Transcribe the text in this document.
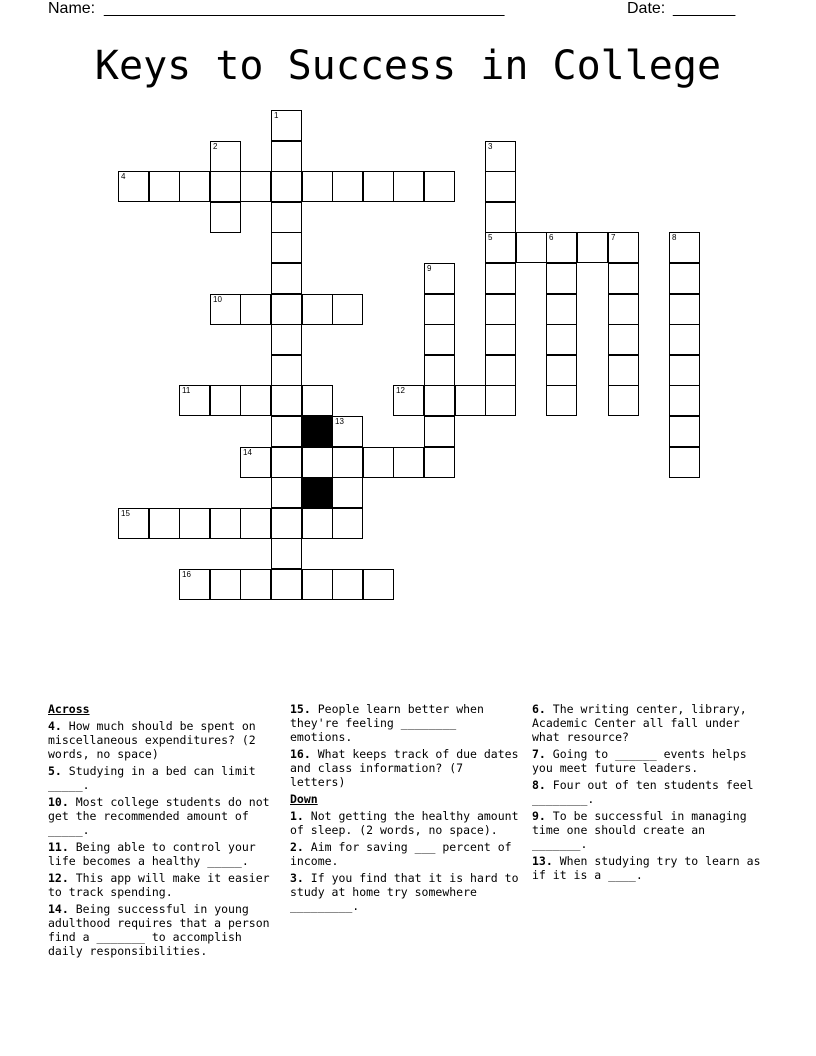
Name: _____________________________________________	Date: _______
Keys to Success in College
1
2	3
5
4
6	7	8
9
10
11	12
13
14
15
16
Across
4. How much should be spent on miscellaneous expenditures? (2 words, no space)
5. Studying in a bed can limit _____.
10. Most college students do not get the recommended amount of _____.
11. Being able to control your life becomes a healthy _____.
12. This app will make it easier to track spending.
14. Being successful in young adulthood requires that a person find a _______ to accomplish daily responsibilities.
15. People learn better when they're feeling ________ emotions.
16. What keeps track of due dates and class information? (7 letters)
Down
1. Not getting the healthy amount of sleep. (2 words, no space).
2. Aim for saving ___ percent of income.
3. If you find that it is hard to study at home try somewhere _________.
6. The writing center, library, Academic Center all fall under what resource?
7. Going to ______ events helps you meet future leaders.
8. Four out of ten students feel ________.
9. To be successful in managing time one should create an _______.
13. When studying try to learn as if it is a ____.
